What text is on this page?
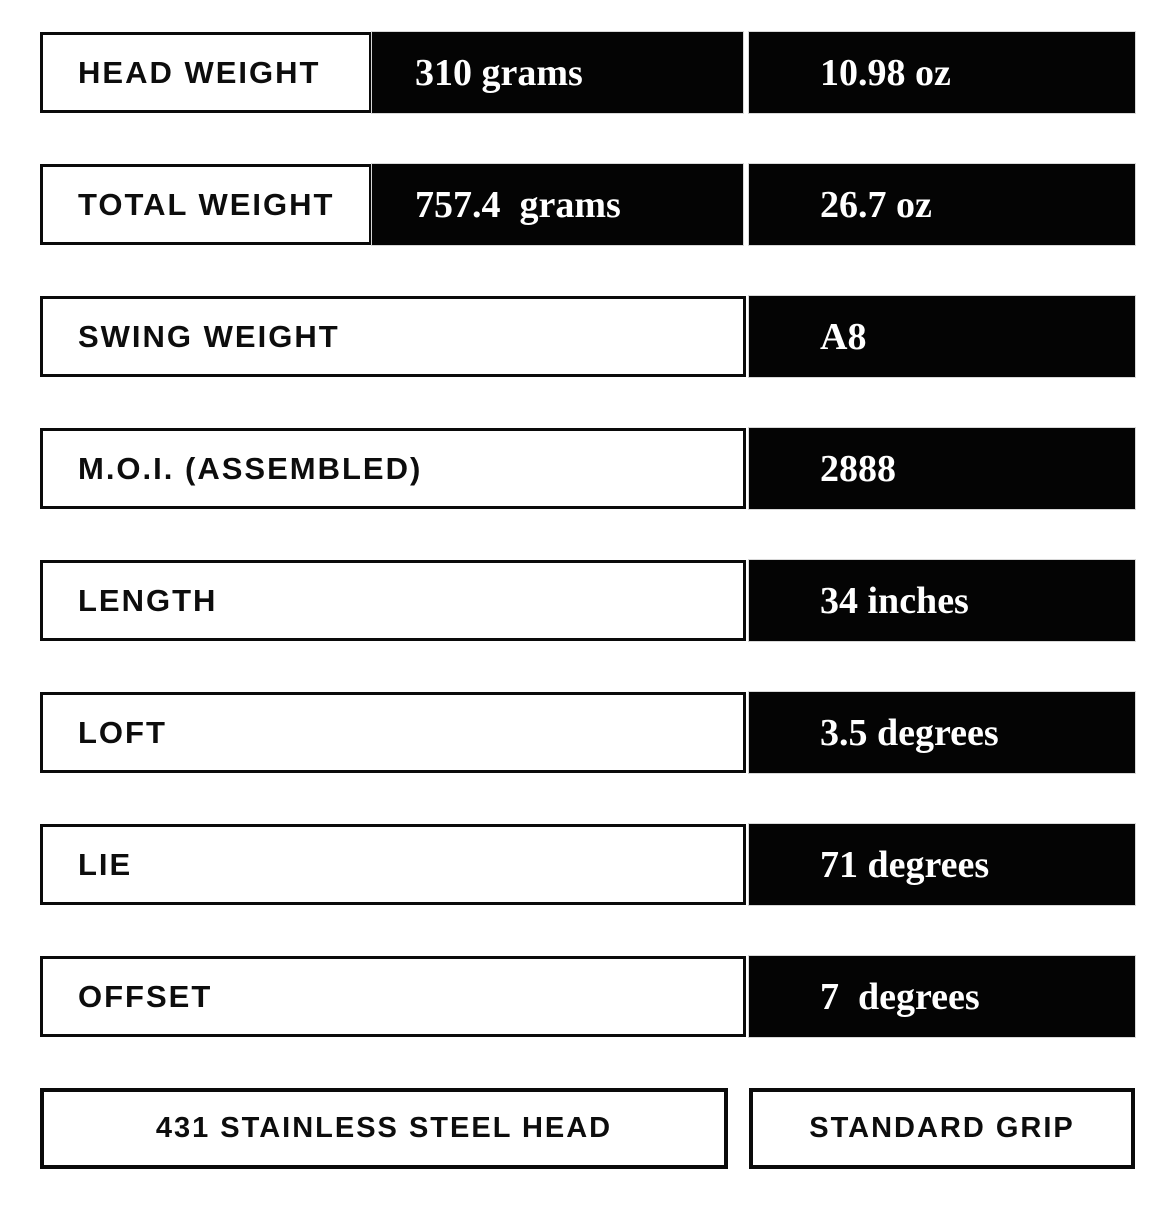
HEAD WEIGHT 310 grams	10.98 oz
TOTAL WEIGHT 757.4  grams	26.7 oz
SWING WEIGHT	A8
M.O.I. (ASSEMBLED)	2888
LENGTH	34 inches
LOFT	3.5 degrees
LIE	71 degrees
OFFSET	7  degrees
431 STAINLESS STEEL HEAD	STANDARD GRIP
